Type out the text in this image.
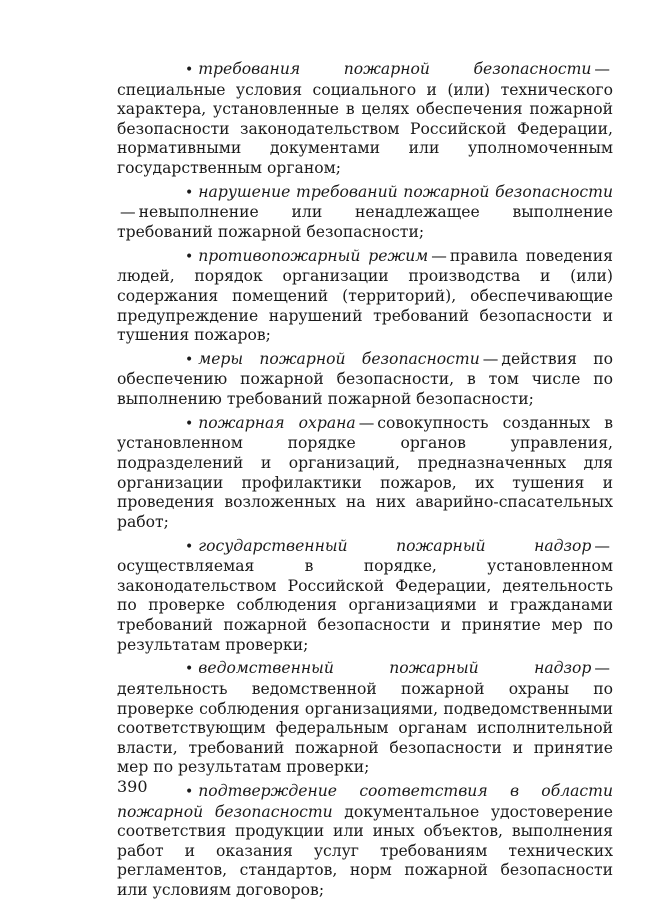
• требования пожарной безопасности —специальные условия социального и (или) технического характера, установленные в целях обеспечения пожарной безопасности законодательством Российской Федерации, нормативными документами или уполномоченным государственным органом;

• нарушение требований пожарной безопасности— невыполнение или ненадлежащее выполнение требований пожарной безопасности;

• противопожарный режим — правила поведения людей, порядок организации производства и (или) содержания помещений (территорий), обеспечивающие предупреждение нарушений требований безопасности и тушения пожаров;

• меры пожарной безопасности — действия по обеспечению пожарной безопасности, в том числе по выполнению требований пожарной безопасности;

• пожарная охрана — совокупность созданных в установленном порядке органов управления, подразделений и организаций, предназначенных для организации профилактики пожаров, их тушения и проведения возложенных на них аварийно-спасательных работ;

• государственный пожарный надзор —осуществляемая в порядке, установленном законодательством Российской Федерации, деятельность по проверке соблюдения организациями и гражданами требований пожарной безопасности и принятие мер по результатам проверки;

• ведомственный пожарный надзор —деятельность ведомственной пожарной охраны по проверке соблюдения организациями, подведомственными соответствующим федеральным органам исполнительной власти, требований пожарной безопасности и принятие мер по результатам проверки;

• подтверждение соответствия в области пожарной безопасности документальное удостоверение соответствия продукции или иных объектов, выполнения работ и оказания услуг требованиям технических регламентов, стандартов, норм пожарной безопасности или условиям договоров;

390
